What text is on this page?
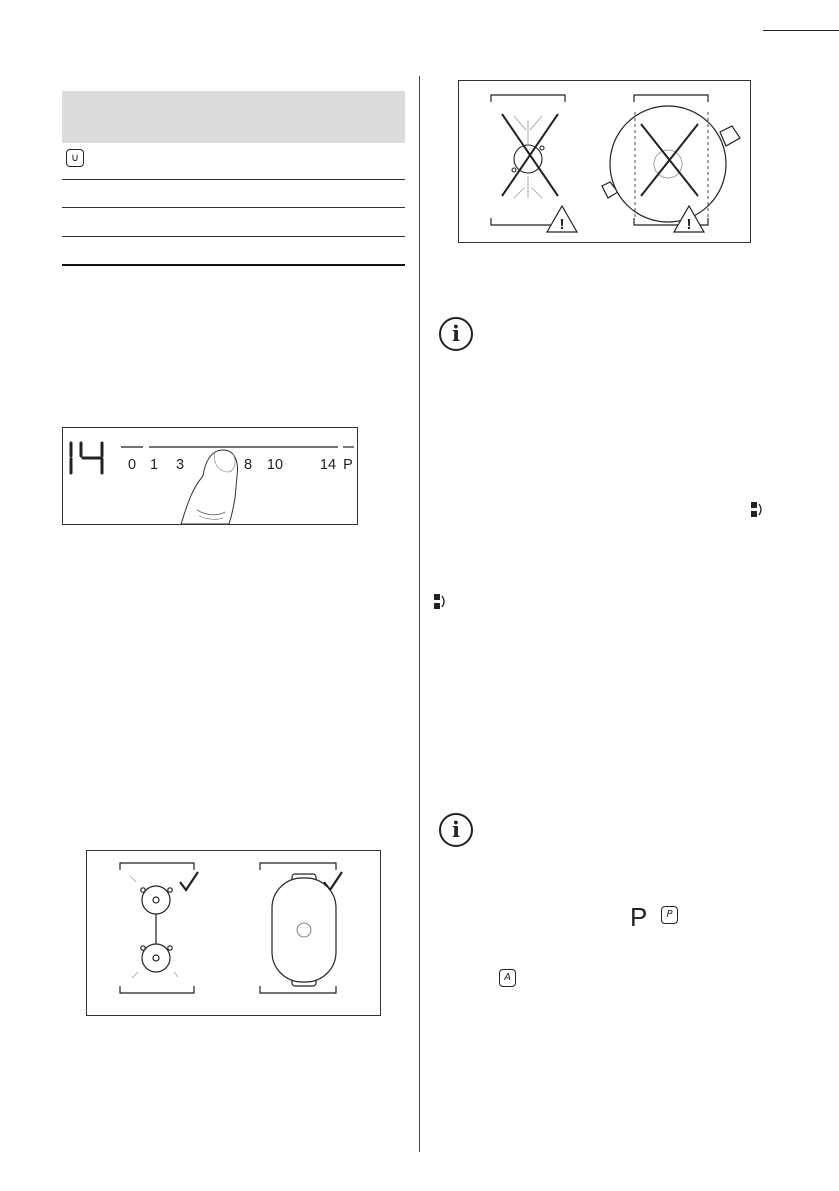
∪
0 1 3	8 10	14 P
!	!
i
i
P	P
A
